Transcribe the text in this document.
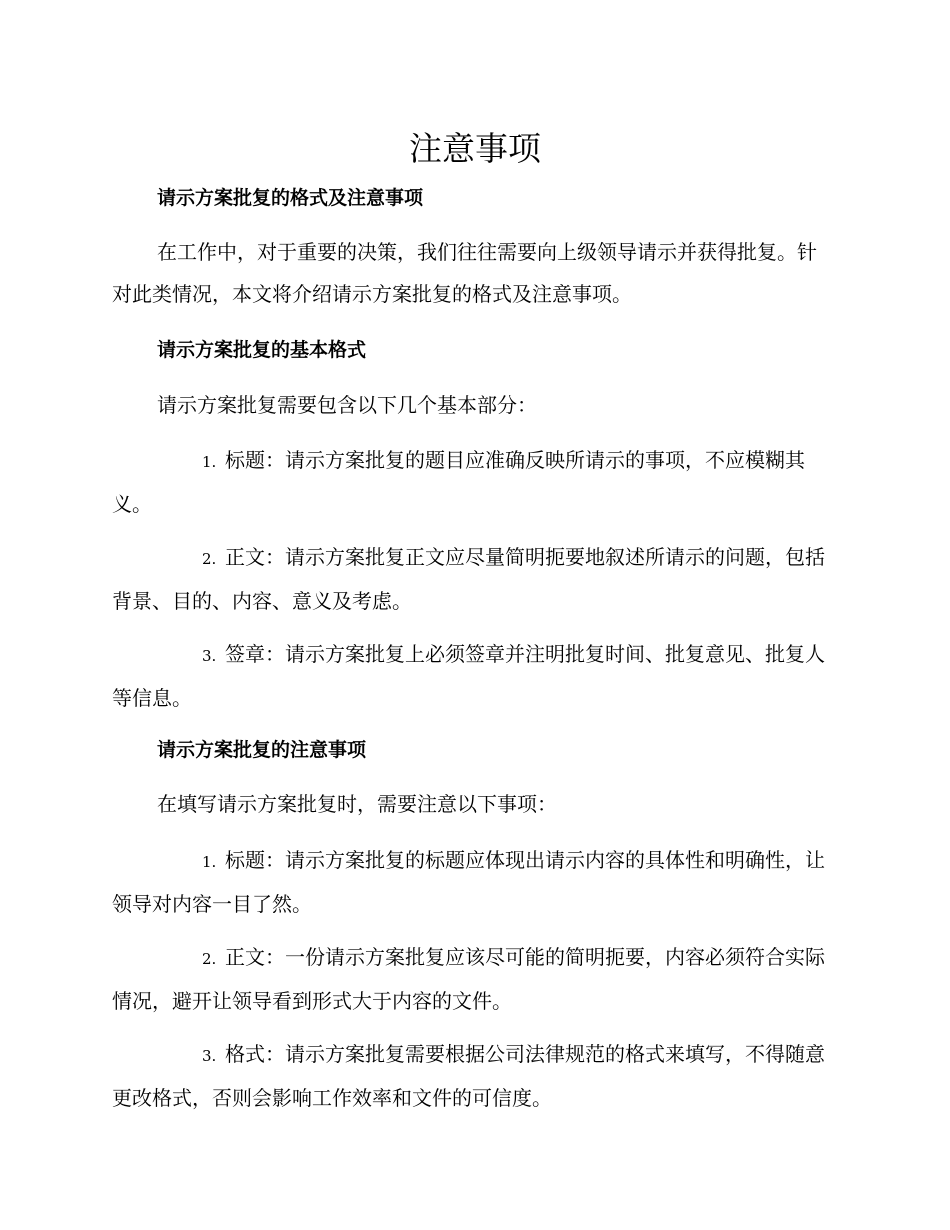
注意事项

请示方案批复的格式及注意事项

在工作中，对于重要的决策，我们往往需要向上级领导请示并获得批复。针对此类情况，本文将介绍请示方案批复的格式及注意事项。

请示方案批复的基本格式

请示方案批复需要包含以下几个基本部分：

1. 标题：请示方案批复的题目应准确反映所请示的事项，不应模糊其义。

2. 正文：请示方案批复正文应尽量简明扼要地叙述所请示的问题，包括背景、目的、内容、意义及考虑。

3. 签章：请示方案批复上必须签章并注明批复时间、批复意见、批复人等信息。

请示方案批复的注意事项

在填写请示方案批复时，需要注意以下事项：

1. 标题：请示方案批复的标题应体现出请示内容的具体性和明确性，让领导对内容一目了然。

2. 正文：一份请示方案批复应该尽可能的简明扼要，内容必须符合实际情况，避开让领导看到形式大于内容的文件。

3. 格式：请示方案批复需要根据公司法律规范的格式来填写，不得随意更改格式，否则会影响工作效率和文件的可信度。
